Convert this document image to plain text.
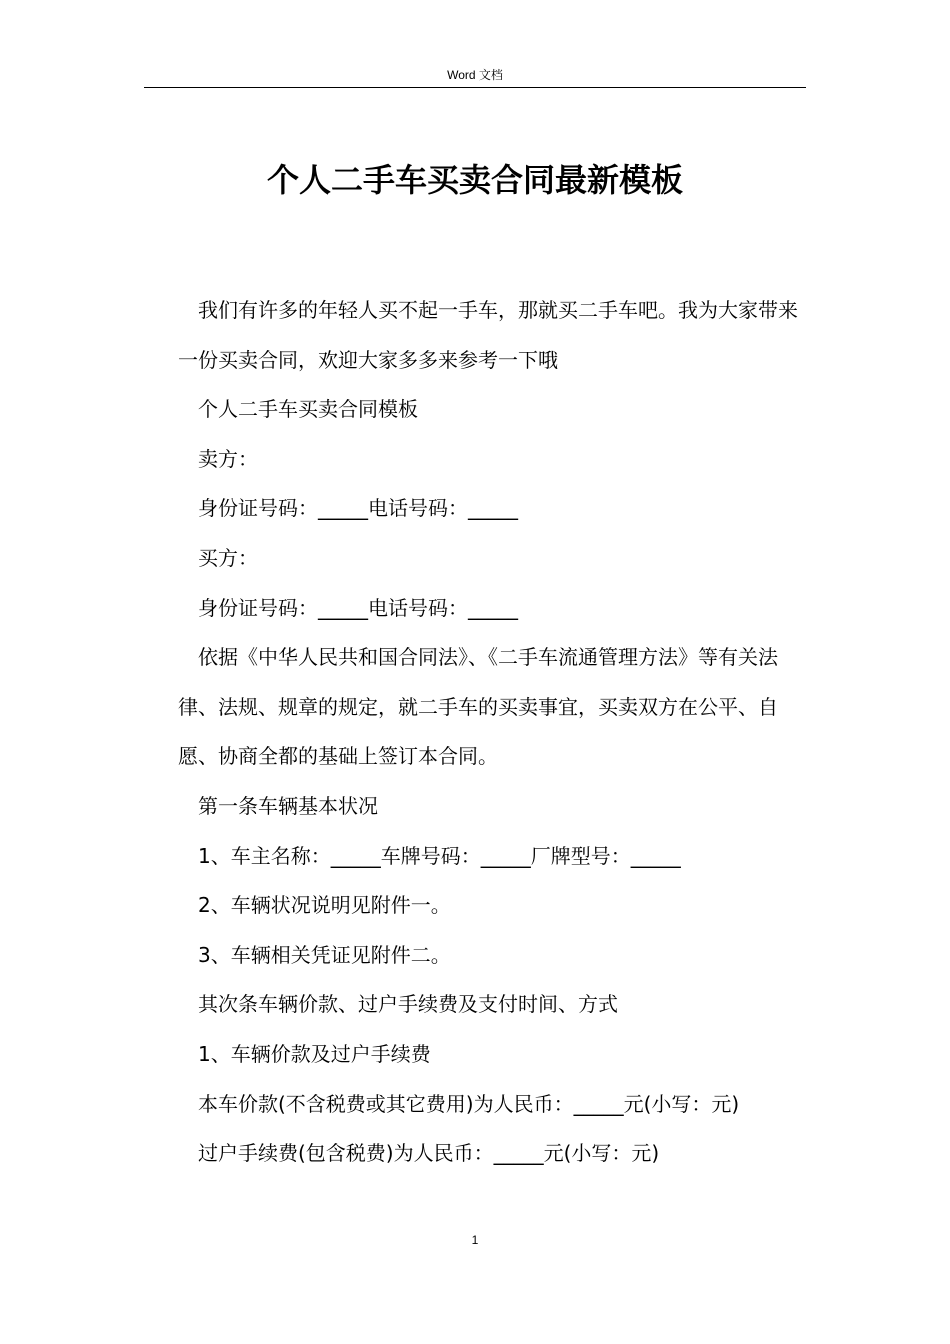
Word 文档
个人二手车买卖合同最新模板

我们有许多的年轻人买不起一手车，那就买二手车吧。我为大家带来一份买卖合同，欢迎大家多多来参考一下哦

个人二手车买卖合同模板

卖方：

身份证号码：_____电话号码：_____

买方：

身份证号码：_____电话号码：_____

依据《中华人民共和国合同法》、《二手车流通管理方法》等有关法律、法规、规章的规定，就二手车的买卖事宜，买卖双方在公平、自愿、协商全都的基础上签订本合同。

第一条车辆基本状况

1、车主名称：_____车牌号码：_____厂牌型号：_____

2、车辆状况说明见附件一。

3、车辆相关凭证见附件二。

其次条车辆价款、过户手续费及支付时间、方式

1、车辆价款及过户手续费

本车价款(不含税费或其它费用)为人民币：_____元(小写：元)

过户手续费(包含税费)为人民币：_____元(小写：元)

1
